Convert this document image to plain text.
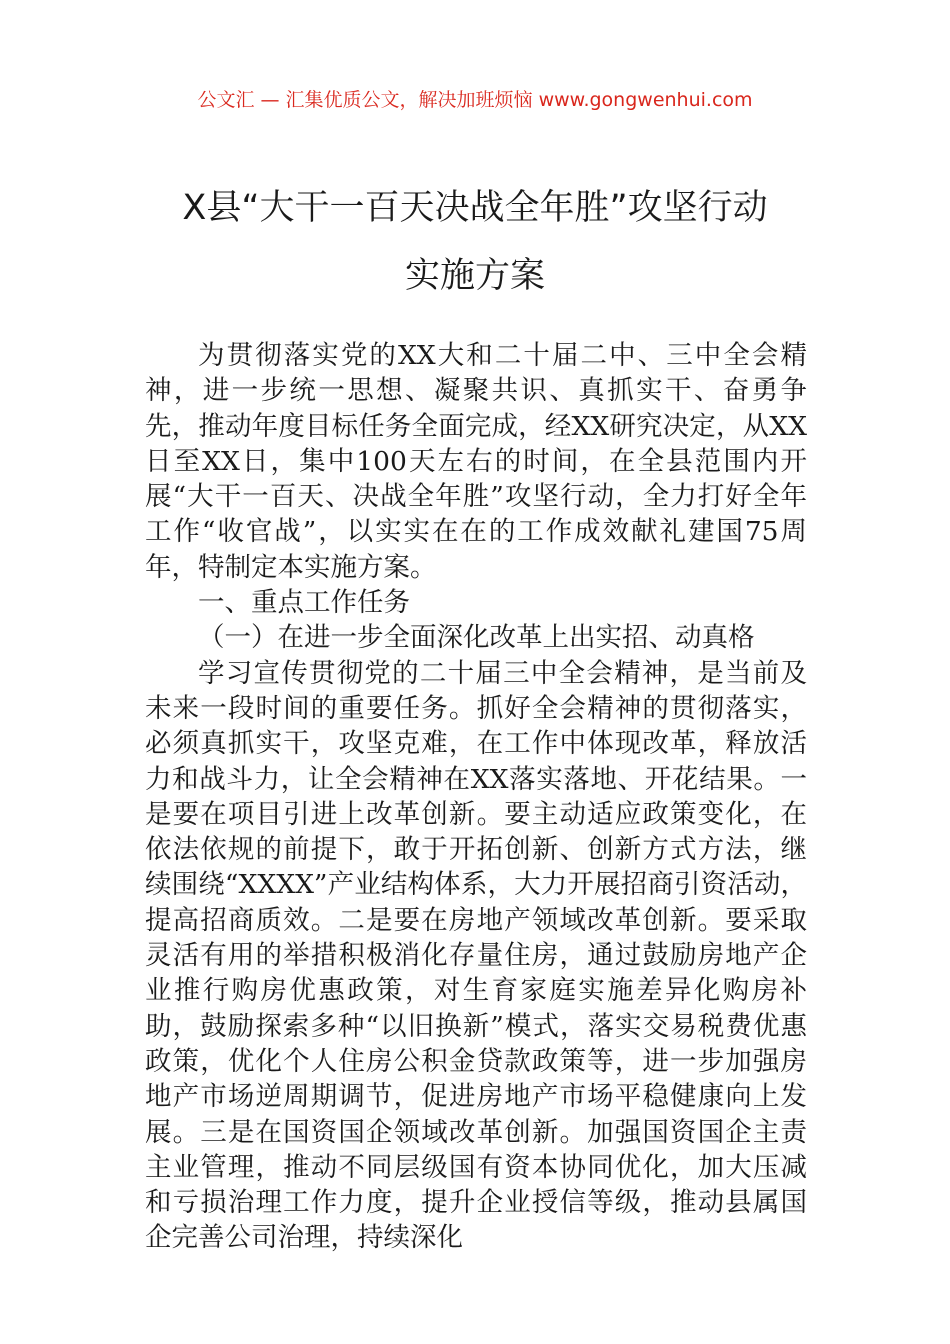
公文汇 — 汇集优质公文，解决加班烦恼 www.gongwenhui.com
X县“大干一百天决战全年胜”攻坚行动
实施方案

为贯彻落实党的XX大和二十届二中、三中全会精神，进一步统一思想、凝聚共识、真抓实干、奋勇争先，推动年度目标任务全面完成，经XX研究决定，从XX日至XX日，集中100天左右的时间，在全县范围内开展“大干一百天、决战全年胜”攻坚行动，全力打好全年工作“收官战”，以实实在在的工作成效献礼建国75周年，特制定本实施方案。

一、重点工作任务

（一）在进一步全面深化改革上出实招、动真格

学习宣传贯彻党的二十届三中全会精神，是当前及未来一段时间的重要任务。抓好全会精神的贯彻落实，必须真抓实干，攻坚克难，在工作中体现改革，释放活力和战斗力，让全会精神在XX落实落地、开花结果。一是要在项目引进上改革创新。要主动适应政策变化，在依法依规的前提下，敢于开拓创新、创新方式方法，继续围绕“XXXX”产业结构体系，大力开展招商引资活动，提高招商质效。二是要在房地产领域改革创新。要采取灵活有用的举措积极消化存量住房，通过鼓励房地产企业推行购房优惠政策，对生育家庭实施差异化购房补助，鼓励探索多种“以旧换新”模式，落实交易税费优惠政策，优化个人住房公积金贷款政策等，进一步加强房地产市场逆周期调节，促进房地产市场平稳健康向上发展。三是在国资国企领域改革创新。加强国资国企主责主业管理，推动不同层级国有资本协同优化，加大压减和亏损治理工作力度，提升企业授信等级，推动县属国企完善公司治理，持续深化
